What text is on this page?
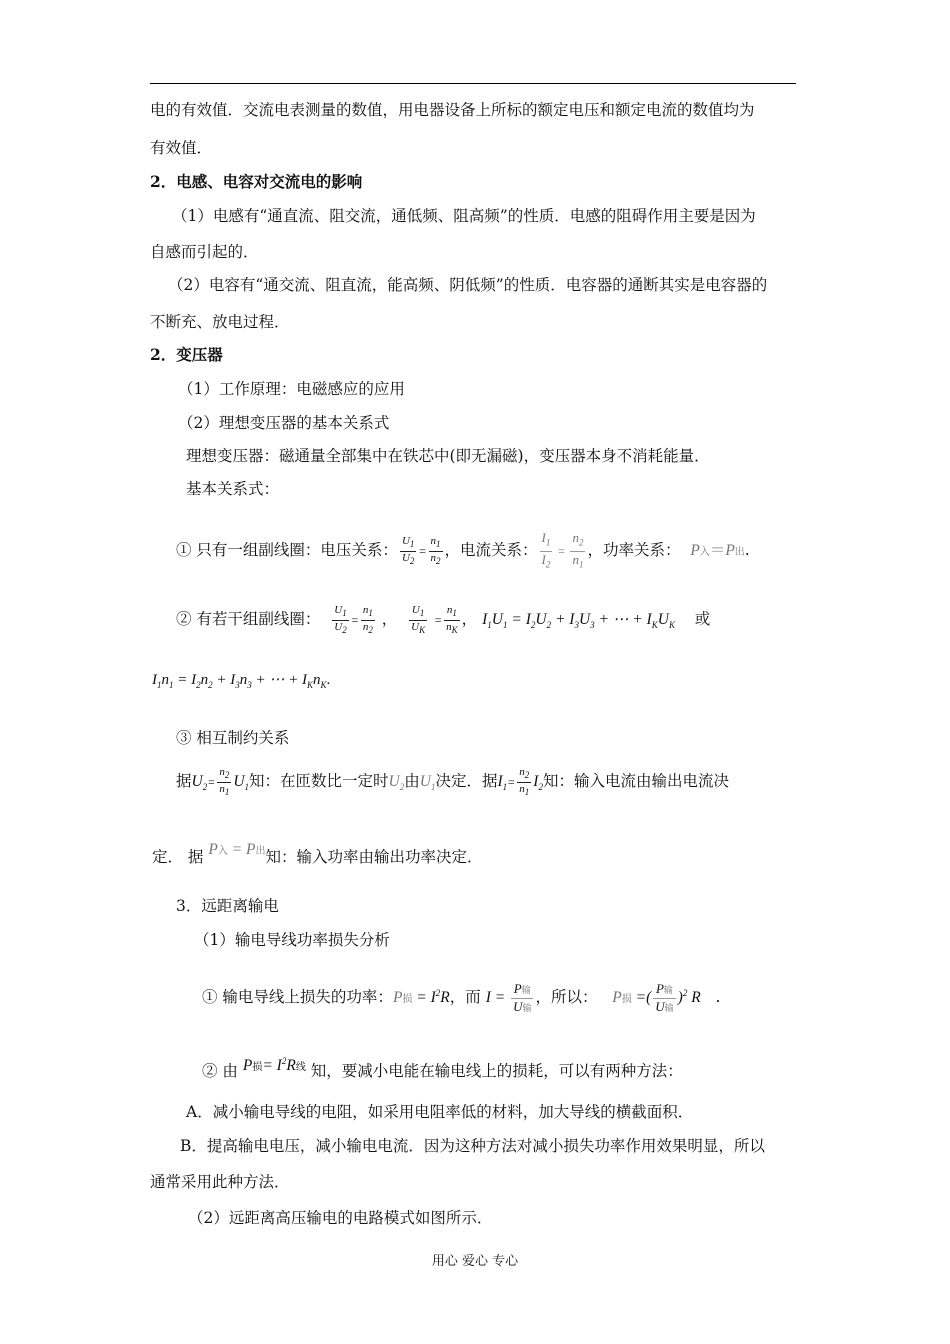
电的有效值．交流电表测量的数值，用电器设备上所标的额定电压和额定电流的数值均为
有效值．
2．电感、电容对交流电的影响
（1）电感有“通直流、阻交流，通低频、阻高频”的性质．电感的阻碍作用主要是因为
自感而引起的．
（2）电容有“通交流、阻直流，能高频、阴低频”的性质．电容器的通断其实是电容器的
不断充、放电过程．
2．变压器
（1）工作原理：电磁感应的应用
（2）理想变压器的基本关系式
理想变压器：磁通量全部集中在铁芯中(即无漏磁)，变压器本身不消耗能量．
基本关系式：
① 只有一组副线圈：电压关系： $\frac{U_1}{U_2} = \frac{n_1}{n_2}$ ，电流关系： $\frac{I_1}{I_2} = \frac{n_2}{n_1}$ ，功率关系： P入＝P出.
② 有若干组副线圈： $\frac{U_1}{U_2} = \frac{n_1}{n_2}$ ， $\frac{U_1}{U_K} = \frac{n_1}{n_K}$ ， $I_1U_1 = I_2U_2 + I_3U_3$ + ⋯ + $I_KU_K$ 或
$I_1n_1 = I_2n_2 + I_3n_3$ + ⋯ + $I_Kn_K$.
③ 相互制约关系
据$U_2= \frac{n_2}{n_1} U_1$知：在匝数比一定时$U_2$由$U_1$决定．据$I_1= \frac{n_2}{n_1} I_2$知：输入电流由输出电流决
定． 据 P入 = P出知：输入功率由输出功率决定．
3．远距离输电
（1）输电导线功率损失分析
① 输电导线上损失的功率：P损 = $I^2R$，而 $I = \frac{\text{P输}}{\text{U输}}$ ，所以： P损 =( $\frac{\text{P输}}{\text{U输}} )^2$ R   .
② 由 P损= $I^2R$线 知，要减小电能在输电线上的损耗，可以有两种方法：
A．减小输电导线的电阻，如采用电阻率低的材料，加大导线的横截面积．
B．提高输电电压，减小输电电流．因为这种方法对减小损失功率作用效果明显，所以
通常采用此种方法．
（2）远距离高压输电的电路模式如图所示．
用心 爱心 专心
